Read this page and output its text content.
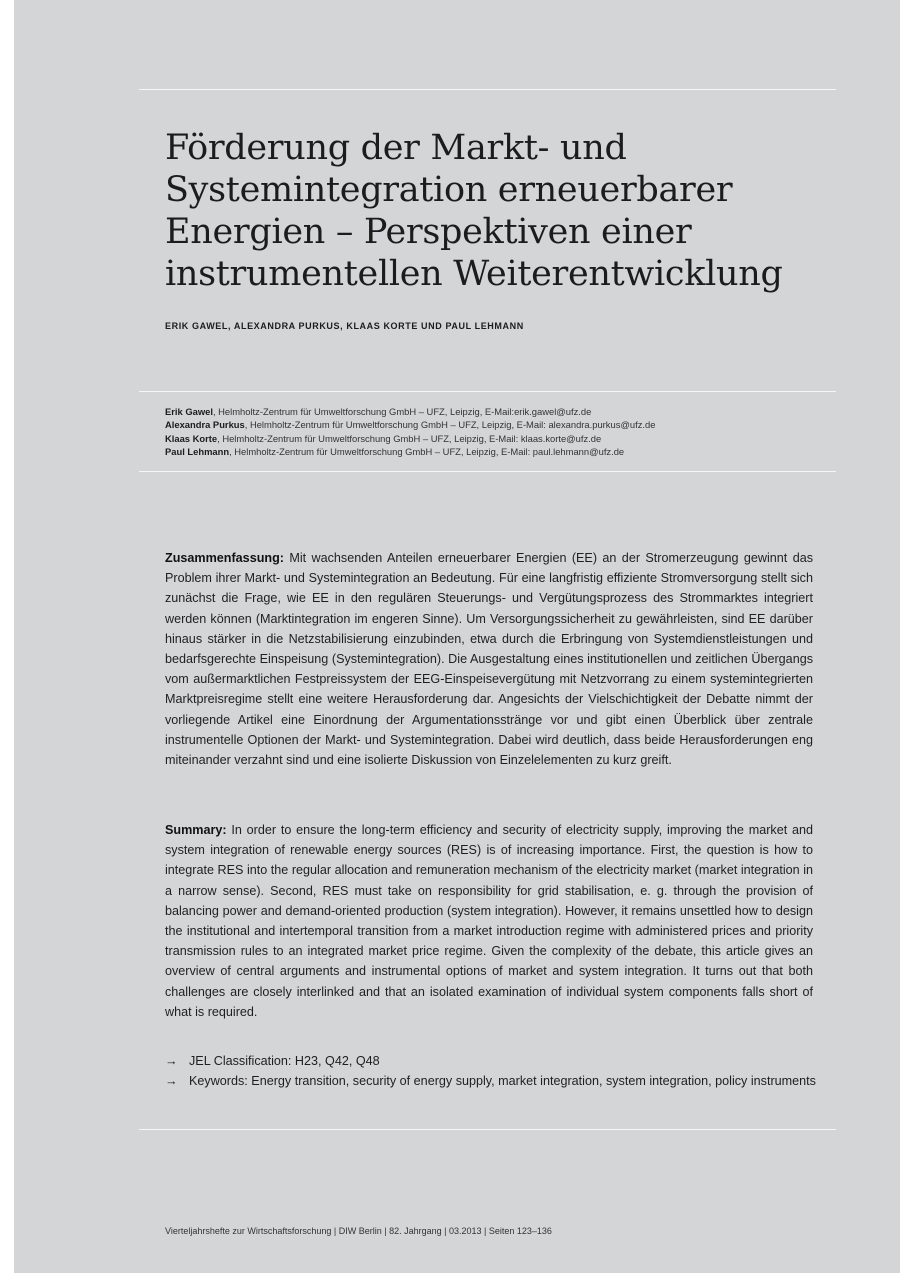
Förderung der Markt- und
Systemintegration erneuerbarer
Energien – Perspektiven einer
instrumentellen Weiterentwicklung

ERIK GAWEL, ALEXANDRA PURKUS, KLAAS KORTE UND PAUL LEHMANN

Erik Gawel, Helmholtz-Zentrum für Umweltforschung GmbH – UFZ, Leipzig, E-Mail:erik.gawel@ufz.de
Alexandra Purkus, Helmholtz-Zentrum für Umweltforschung GmbH – UFZ, Leipzig, E-Mail: alexandra.purkus@ufz.de
Klaas Korte, Helmholtz-Zentrum für Umweltforschung GmbH – UFZ, Leipzig, E-Mail: klaas.korte@ufz.de
Paul Lehmann, Helmholtz-Zentrum für Umweltforschung GmbH – UFZ, Leipzig, E-Mail: paul.lehmann@ufz.de
Zusammenfassung: Mit wachsenden Anteilen erneuerbarer Energien (EE) an der Stromerzeugung gewinnt das Problem ihrer Markt- und Systemintegration an Bedeutung. Für eine langfristig effiziente Stromversorgung stellt sich zunächst die Frage, wie EE in den regulären Steuerungs- und Vergütungsprozess des Strommarktes integriert werden können (Marktintegration im engeren Sinne). Um Versorgungssicherheit zu gewährleisten, sind EE darüber hinaus stärker in die Netzstabilisierung einzubinden, etwa durch die Erbringung von Systemdienstleistungen und bedarfsgerechte Einspeisung (Systemintegration). Die Ausgestaltung eines institutionellen und zeitlichen Übergangs vom außermarktlichen Festpreissystem der EEG-Einspeisevergütung mit Netzvorrang zu einem systemintegrierten Marktpreisregime stellt eine weitere Herausforderung dar. Angesichts der Vielschichtigkeit der Debatte nimmt der vorliegende Artikel eine Einordnung der Argumentationsstränge vor und gibt einen Überblick über zentrale instrumentelle Optionen der Markt- und Systemintegration. Dabei wird deutlich, dass beide Herausforderungen eng miteinander verzahnt sind und eine isolierte Diskussion von Einzelelementen zu kurz greift.
Summary: In order to ensure the long-term efficiency and security of electricity supply, improving the market and system integration of renewable energy sources (RES) is of increasing importance. First, the question is how to integrate RES into the regular allocation and remuneration mechanism of the electricity market (market integration in a narrow sense). Second, RES must take on responsibility for grid stabilisation, e. g. through the provision of balancing power and demand-oriented production (system integration). However, it remains unsettled how to design the institutional and intertemporal transition from a market introduction regime with administered prices and priority transmission rules to an integrated market price regime. Given the complexity of the debate, this article gives an overview of central arguments and instrumental options of market and system integration. It turns out that both challenges are closely interlinked and that an isolated examination of individual system components falls short of what is required.
→ JEL Classification: H23, Q42, Q48
→ Keywords: Energy transition, security of energy supply, market integration, system integration, policy instruments
Vierteljahrshefte zur Wirtschaftsforschung | DIW Berlin | 82. Jahrgang | 03.2013 | Seiten 123–136
